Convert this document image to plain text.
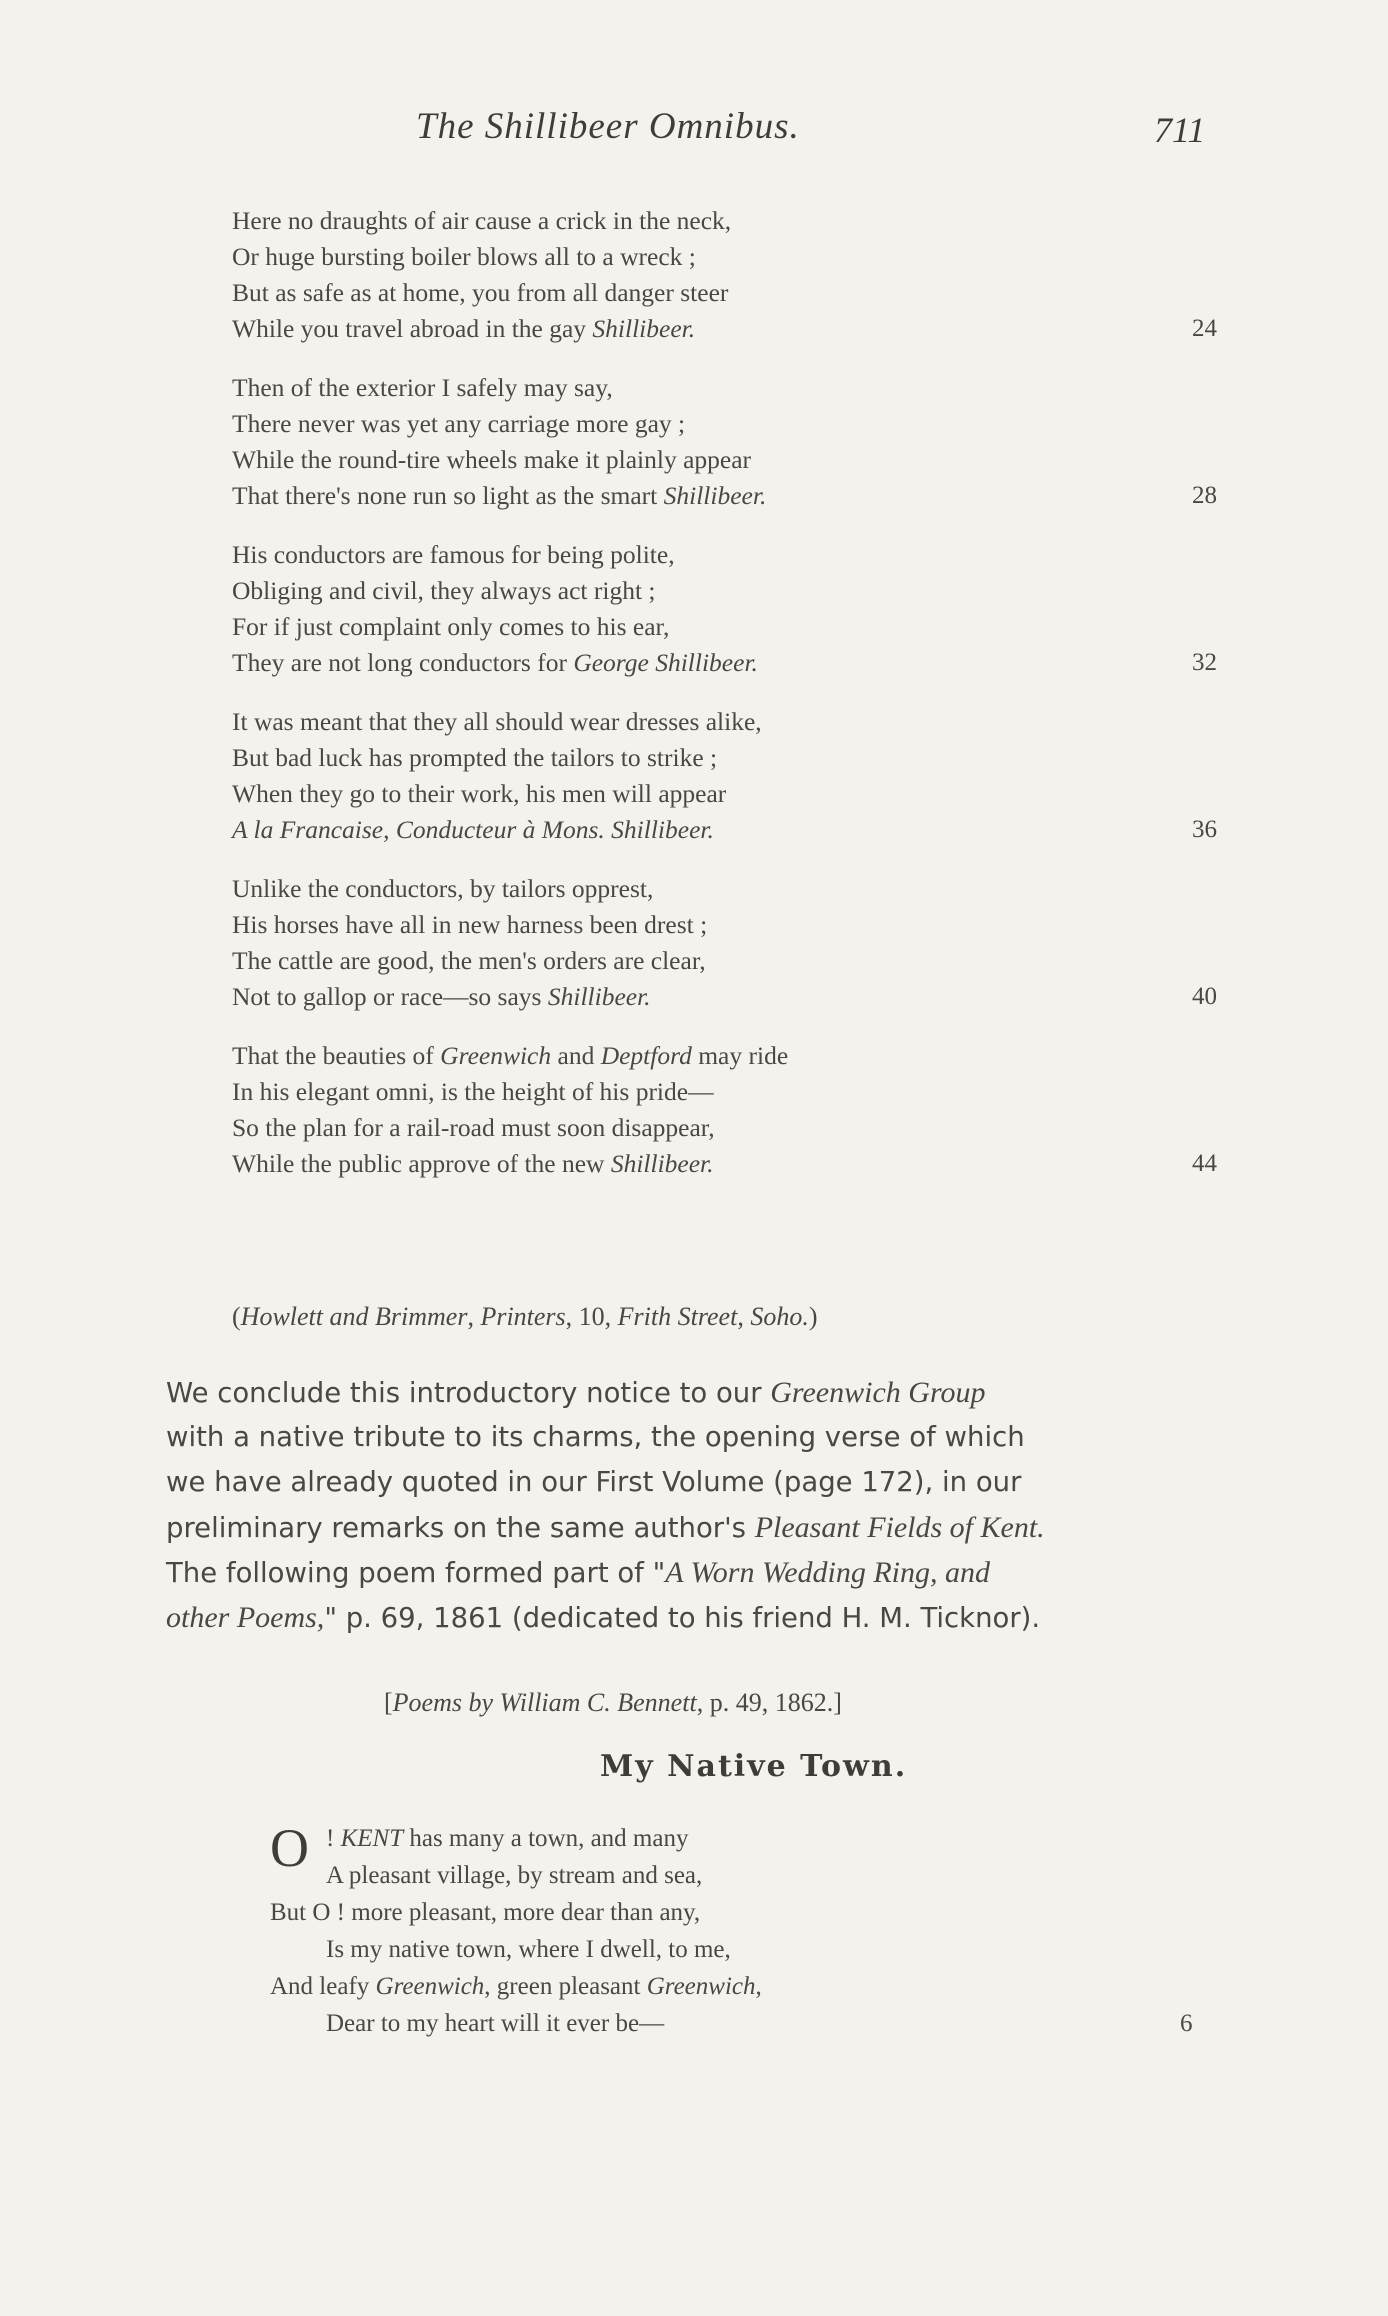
The Shillibeer Omnibus.	711
Here no draughts of air cause a crick in the neck,
Or huge bursting boiler blows all to a wreck ;
But as safe as at home, you from all danger steer
While you travel abroad in the gay Shillibeer.	24
Then of the exterior I safely may say,
There never was yet any carriage more gay ;
While the round-tire wheels make it plainly appear
That there's none run so light as the smart Shillibeer.	28
His conductors are famous for being polite,
Obliging and civil, they always act right ;
For if just complaint only comes to his ear,
They are not long conductors for George Shillibeer.	32
It was meant that they all should wear dresses alike,
But bad luck has prompted the tailors to strike ;
When they go to their work, his men will appear
A la Francaise, Conducteur à Mons. Shillibeer.	36
Unlike the conductors, by tailors opprest,
His horses have all in new harness been drest ;
The cattle are good, the men's orders are clear,
Not to gallop or race—so says Shillibeer.	40
That the beauties of Greenwich and Deptford may ride
In his elegant omni, is the height of his pride—
So the plan for a rail-road must soon disappear,
While the public approve of the new Shillibeer.	44
(Howlett and Brimmer, Printers, 10, Frith Street, Soho.)
We conclude this introductory notice to our Greenwich Group
with a native tribute to its charms, the opening verse of which
we have already quoted in our First Volume (page 172), in our
preliminary remarks on the same author's Pleasant Fields of Kent.
The following poem formed part of "A Worn Wedding Ring, and
other Poems," p. 69, 1861 (dedicated to his friend H. M. Ticknor).
[Poems by William C. Bennett, p. 49, 1862.]
My Native Town.
O ! KENT has many a town, and many
A pleasant village, by stream and sea,
But O ! more pleasant, more dear than any,
Is my native town, where I dwell, to me,
And leafy Greenwich, green pleasant Greenwich,
Dear to my heart will it ever be—	6
